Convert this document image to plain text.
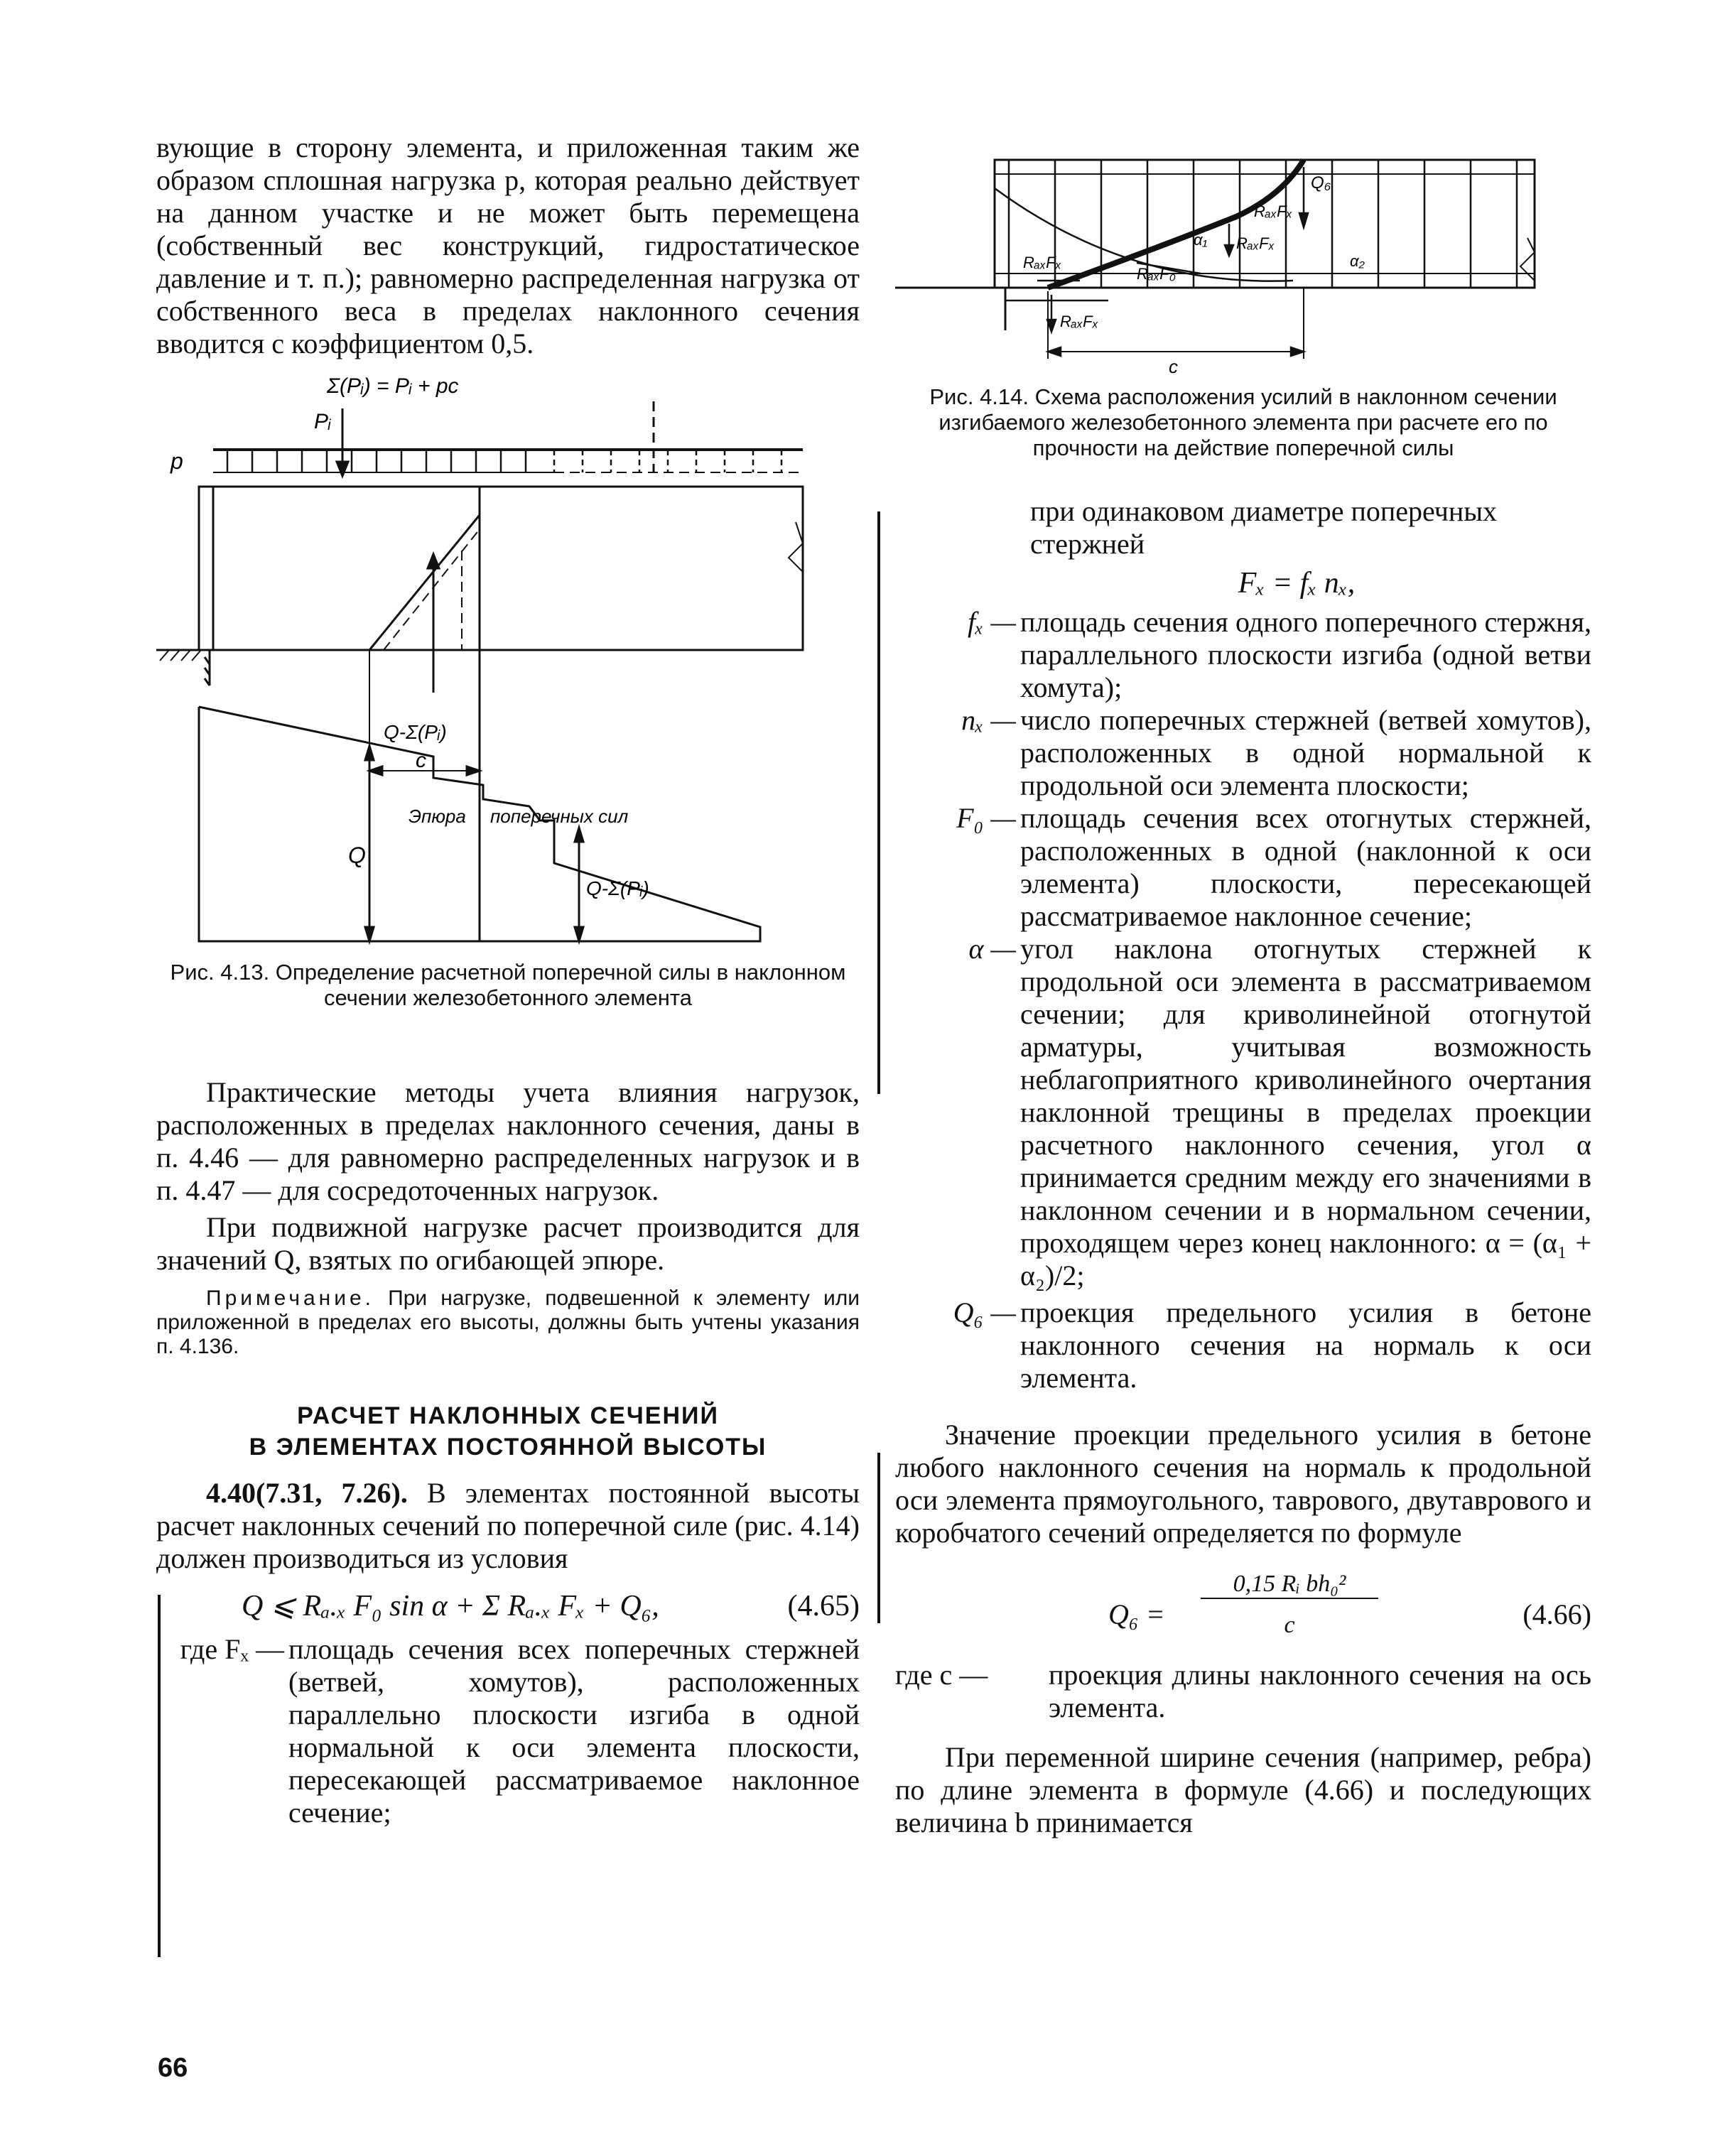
вующие в сторону элемента, и приложенная таким же образом сплошная нагрузка p, которая реально действует на данном участке и не может быть перемещена (собственный вес конструкций, гидростатическое давление и т. п.); равномерно распределенная нагрузка от собственного веса в пределах наклонного сечения вводится с коэффициентом 0,5.

Σ(Pᵢ) = Pᵢ + pc
Pᵢ
p
Q-Σ(Pᵢ)
c
Эпюра поперечных сил
Q
Q-Σ(Pᵢ)

Рис. 4.13. Определение расчетной поперечной силы в наклонном сечении железобетонного элемента

Практические методы учета влияния нагрузок, расположенных в пределах наклонного сечения, даны в п. 4.46 — для равномерно распределенных нагрузок и в п. 4.47 — для сосредоточенных нагрузок.

При подвижной нагрузке расчет производится для значений Q, взятых по огибающей эпюре.

Примечание. При нагрузке, подвешенной к элементу или приложенной в пределах его высоты, должны быть учтены указания п. 4.136.

РАСЧЕТ НАКЛОННЫХ СЕЧЕНИЙ

В ЭЛЕМЕНТАХ ПОСТОЯННОЙ ВЫСОТЫ

4.40(7.31, 7.26). В элементах постоянной высоты расчет наклонных сечений по поперечной силе (рис. 4.14) должен производиться из условия

Q ⩽ Rₐ.ₓ F₀ sin α + Σ Rₐ.ₓ Fₓ + Q₆,	(4.65)
где Fₓ — площадь сечения всех поперечных стержней (ветвей, хомутов), расположенных параллельно плоскости изгиба в одной нормальной к оси элемента плоскости, пересекающей рассматриваемое наклонное сечение;
Q₆
RₐₓFₓ
RₐₓFₓ
RₐₓFₓ
RₐₓF₀
α₁
α₂
RₐₓFₓ
c

Рис. 4.14. Схема расположения усилий в наклонном сечении изгибаемого железобетонного элемента при расчете его по прочности на действие поперечной силы

при одинаковом диаметре поперечных стержней

Fₓ = fₓ nₓ,
fₓ — площадь сечения одного поперечного стержня, параллельного плоскости изгиба (одной ветви хомута);
nₓ — число поперечных стержней (ветвей хомутов), расположенных в одной нормальной к продольной оси элемента плоскости;
F₀ — площадь сечения всех отогнутых стержней, расположенных в одной (наклонной к оси элемента) плоскости, пересекающей рассматриваемое наклонное сечение;
α — угол наклона отогнутых стержней к продольной оси элемента в рассматриваемом сечении; для криволинейной отогнутой арматуры, учитывая возможность неблагоприятного криволинейного очертания наклонной трещины в пределах проекции расчетного наклонного сечения, угол α принимается средним между его значениями в наклонном сечении и в нормальном сечении, проходящем через конец наклонного: α = (α₁ + α₂)/2;
Q₆ — проекция предельного усилия в бетоне наклонного сечения на нормаль к оси элемента.

Значение проекции предельного усилия в бетоне любого наклонного сечения на нормаль к продольной оси элемента прямоугольного, таврового, двутаврового и коробчатого сечений определяется по формуле

Q₆ =
0,15 Rᵢ bh₀²
c	(4.66)
где c —	проекция длины наклонного сечения на ось элемента.

При переменной ширине сечения (например, ребра) по длине элемента в формуле (4.66) и последующих величина b принимается

66
